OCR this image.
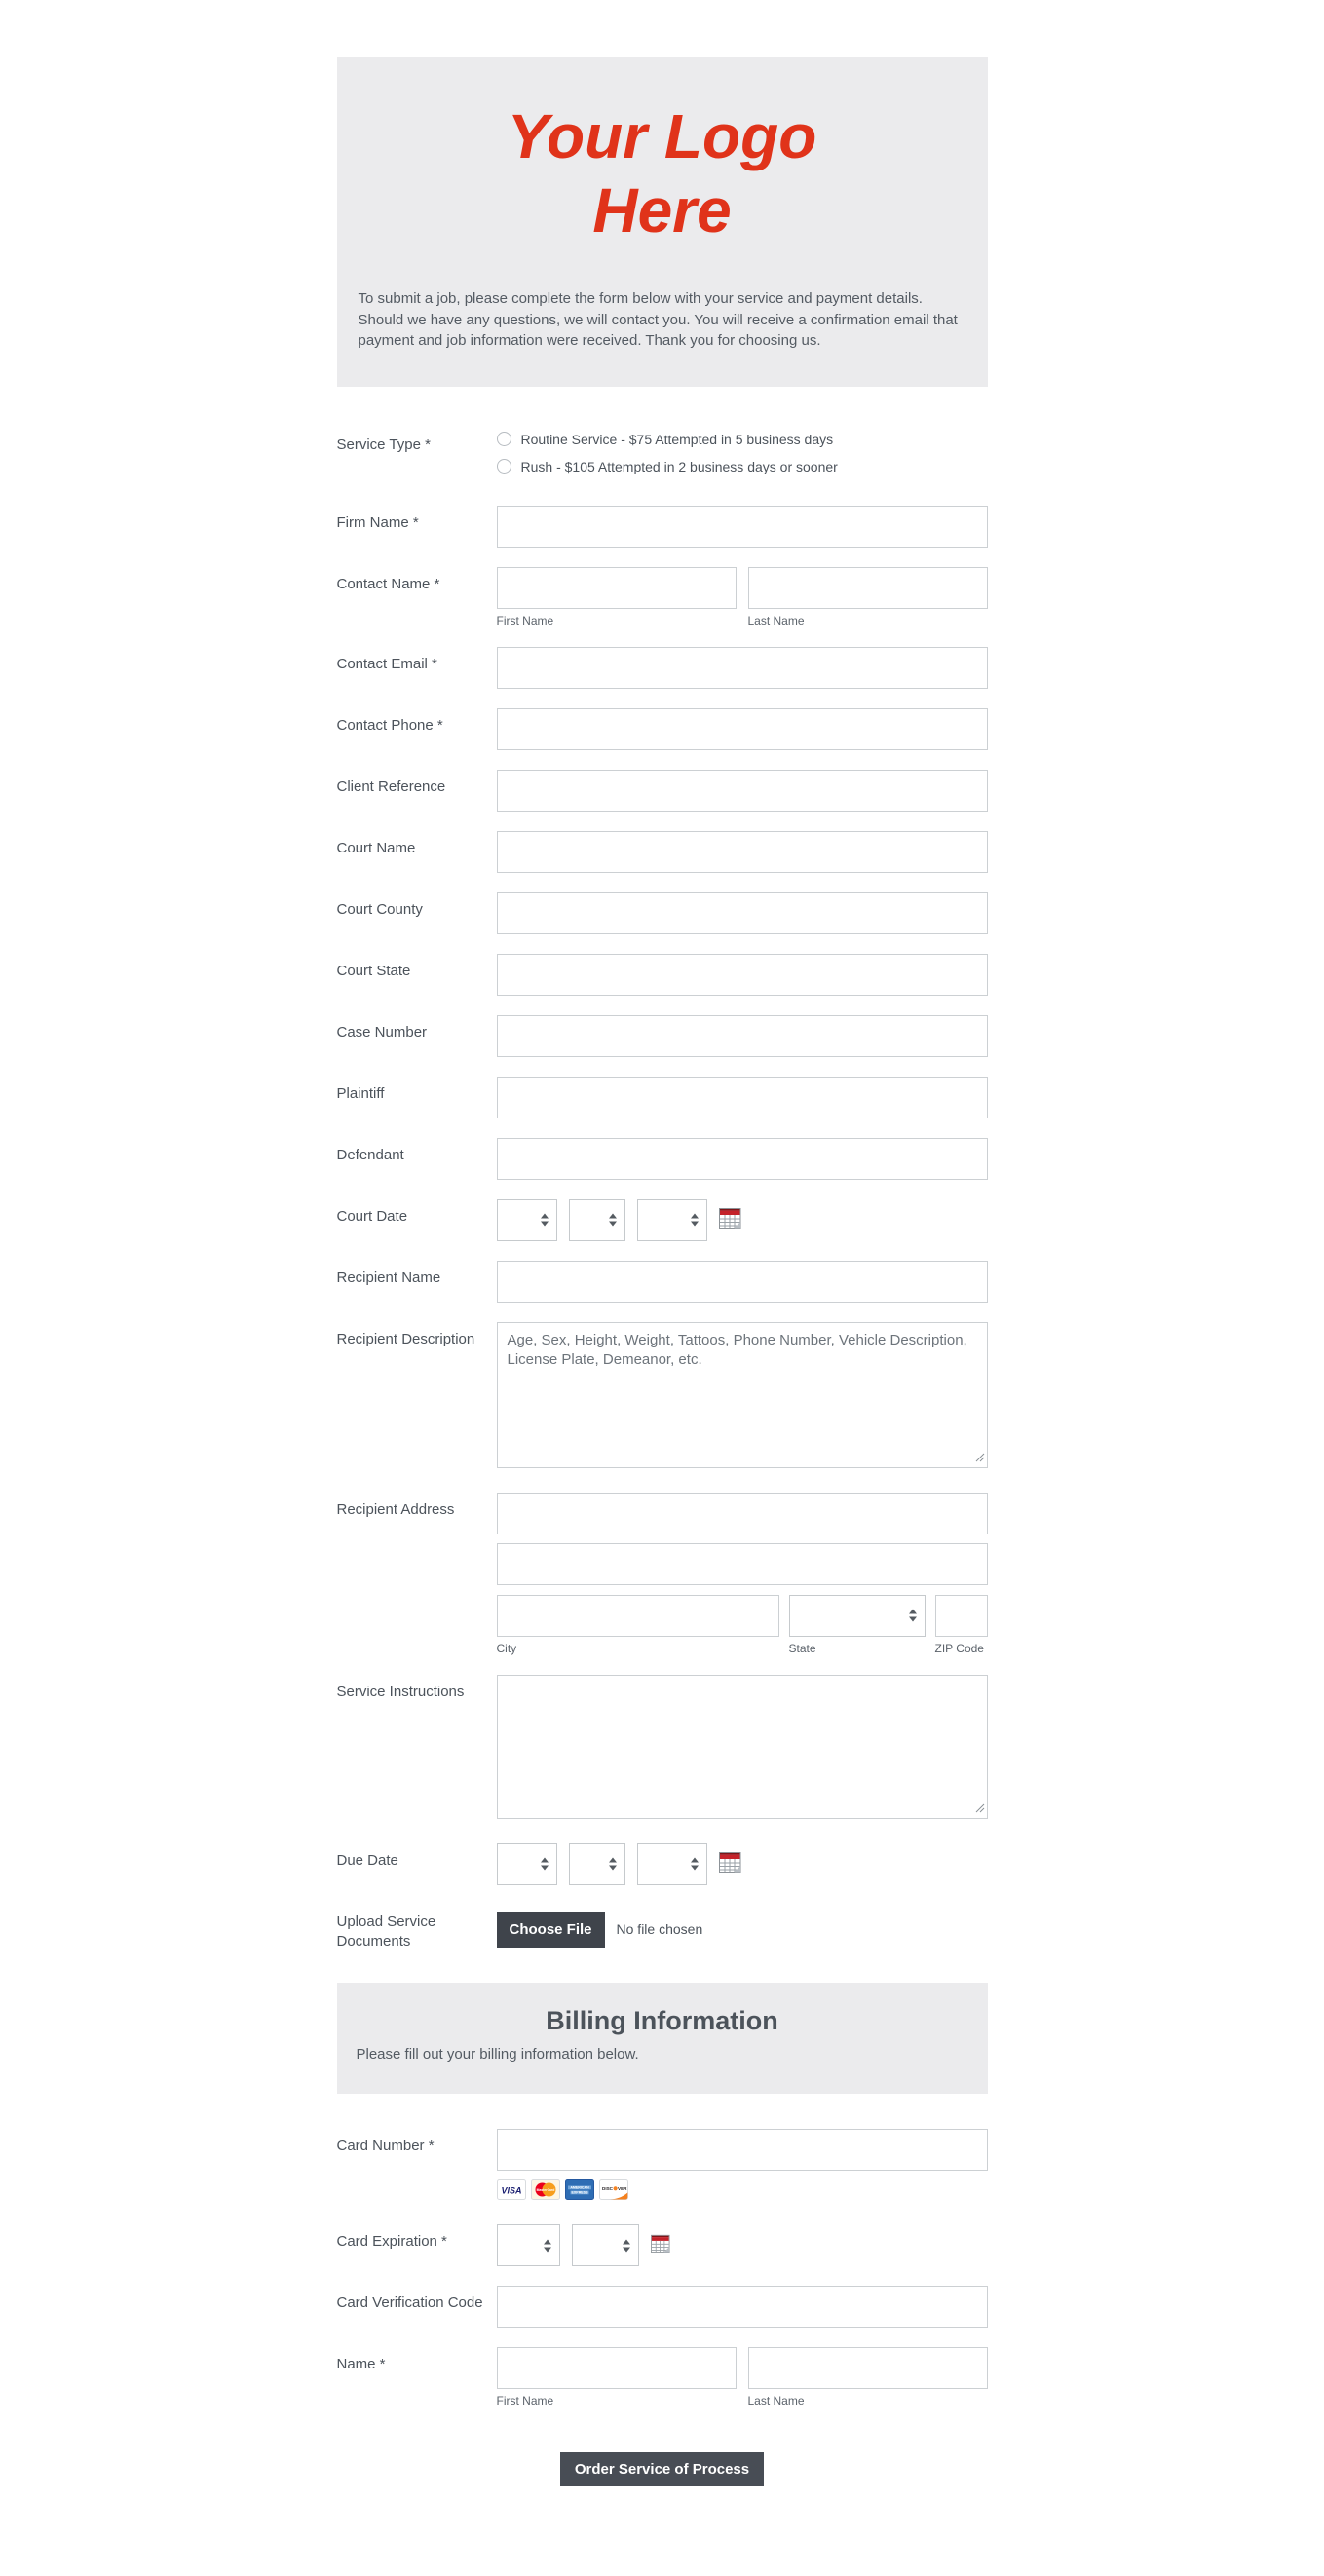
Your Logo
Here
To submit a job, please complete the form below with your service and payment details. Should we have any questions, we will contact you. You will receive a confirmation email that payment and job information were received. Thank you for choosing us.
Service Type *	Routine Service - $75 Attempted in 5 business days
Rush - $105 Attempted in 2 business days or sooner
Firm Name *
Contact Name *
First Name	Last Name
Contact Email *
Contact Phone *
Client Reference
Court Name
Court County
Court State
Case Number
Plaintiff
Defendant
Court Date
Recipient Name
Recipient Description
Age, Sex, Height, Weight, Tattoos, Phone Number, Vehicle Description, License Plate, Demeanor, etc.
Recipient Address

City	State	ZIP Code
Service Instructions
Due Date
Upload Service Documents
Choose File	No file chosen
Billing Information
Please fill out your billing information below.
Card Number *
VISA	MasterCard
AMERICAN
EXPRESS
DISC VER
Card Expiration *
Card Verification Code
Name *
First Name	Last Name
Order Service of Process
